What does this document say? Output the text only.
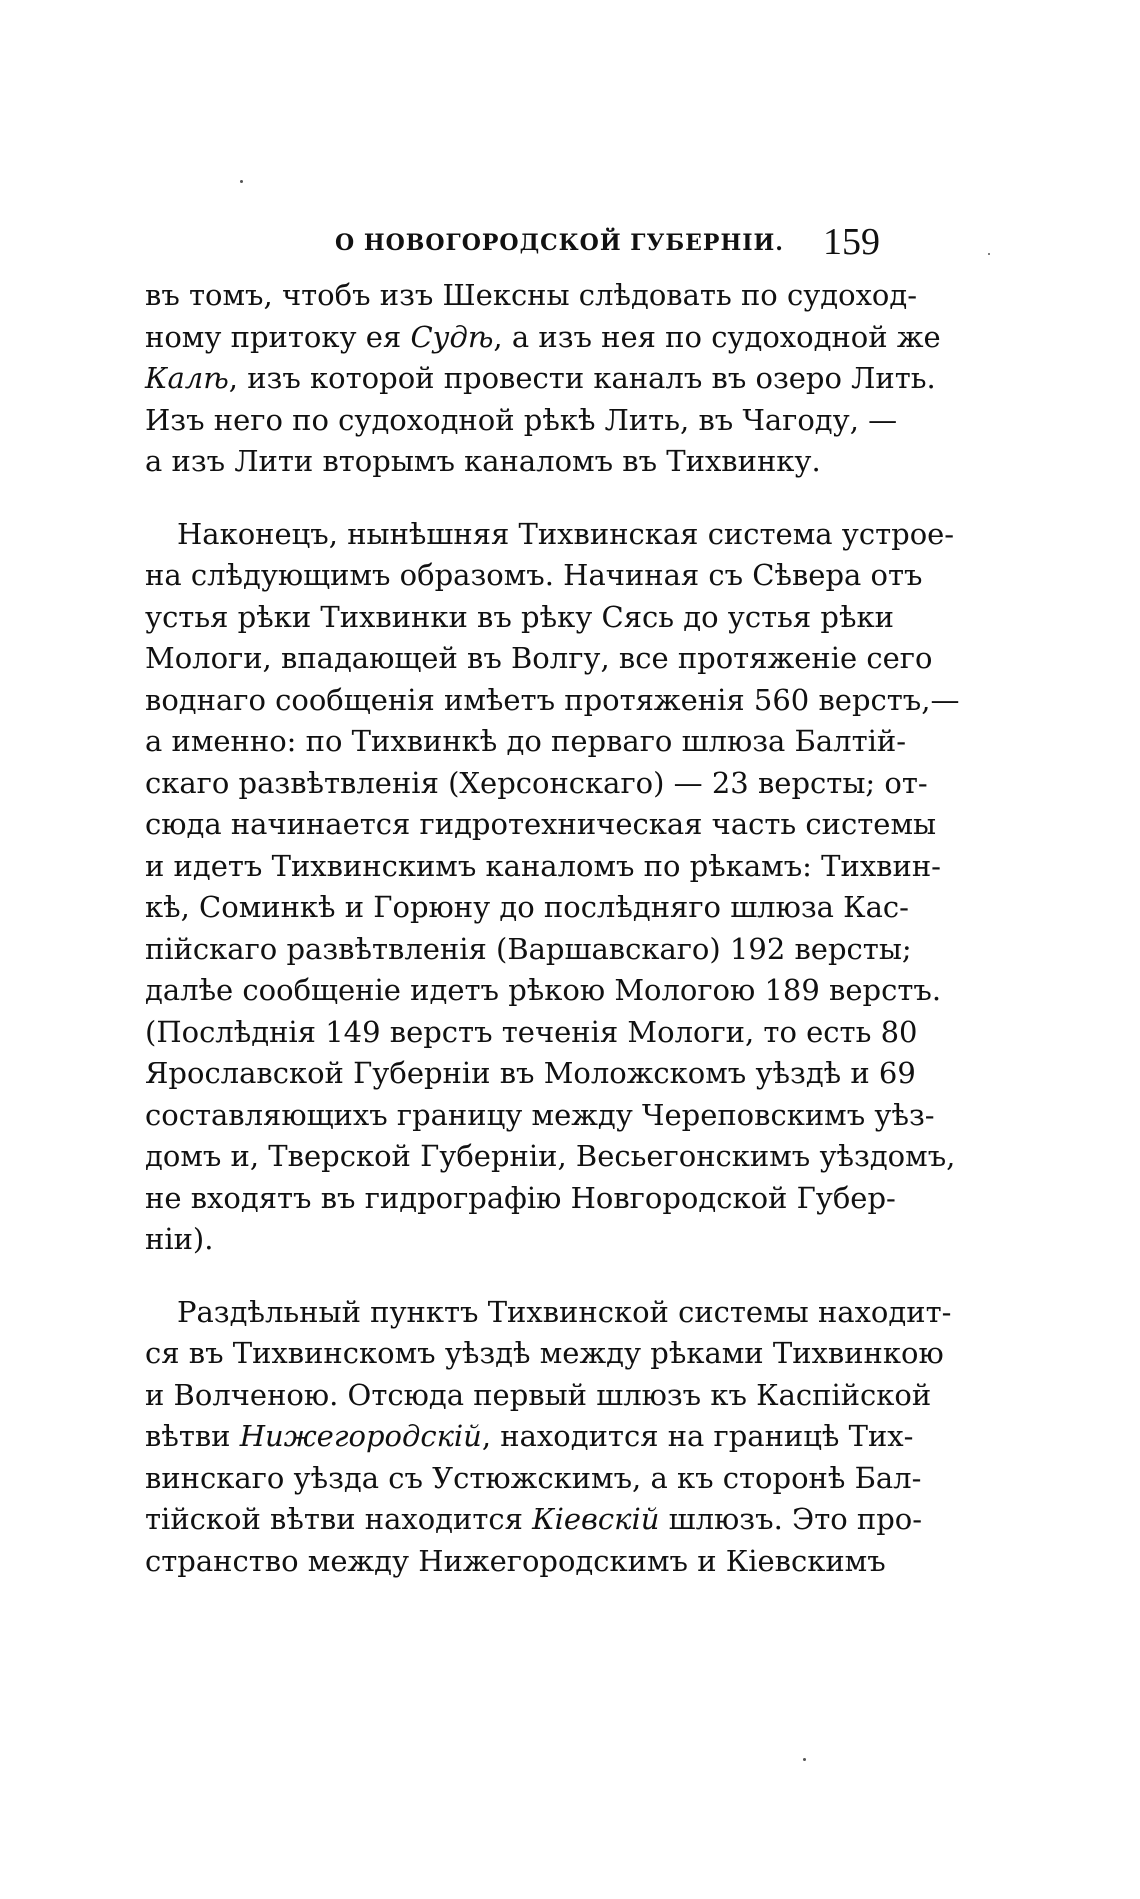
О НОВОГОРОДСКОЙ ГУБЕРНІИ. 159
въ томъ, чтобъ изъ Шексны слѣдовать по судоход-
ному притоку ея Судѣ, а изъ нея по судоходной же
Калѣ, изъ которой провести каналъ въ озеро Лить.
Изъ него по судоходной рѣкѣ Лить, въ Чагоду, —
а изъ Лити вторымъ каналомъ въ Тихвинку.
Наконецъ, нынѣшняя Тихвинская система устрое-
на слѣдующимъ образомъ. Начиная съ Сѣвера отъ
устья рѣки Тихвинки въ рѣку Сясь до устья рѣки
Мологи, впадающей въ Волгу, все протяженіе сего
воднаго сообщенія имѣетъ протяженія 560 верстъ,—
а именно: по Тихвинкѣ до перваго шлюза Балтій-
скаго развѣтвленія (Херсонскаго) — 23 версты; от-
сюда начинается гидротехническая часть системы
и идетъ Тихвинскимъ каналомъ по рѣкамъ: Тихвин-
кѣ, Соминкѣ и Горюну до послѣдняго шлюза Кас-
пійскаго развѣтвленія (Варшавскаго) 192 версты;
далѣе сообщеніе идетъ рѣкою Мологою 189 верстъ.
(Послѣднія 149 верстъ теченія Мологи, то есть 80
Ярославской Губерніи въ Моложскомъ уѣздѣ и 69
составляющихъ границу между Череповскимъ уѣз-
домъ и, Тверской Губерніи, Весьегонскимъ уѣздомъ,
не входятъ въ гидрографію Новгородской Губер-
ніи).
Раздѣльный пунктъ Тихвинской системы находит-
ся въ Тихвинскомъ уѣздѣ между рѣками Тихвинкою
и Волченою. Отсюда первый шлюзъ къ Каспійской
вѣтви Нижегородскій, находится на границѣ Тих-
винскаго уѣзда съ Устюжскимъ, а къ сторонѣ Бал-
тійской вѣтви находится Кіевскій шлюзъ. Это про-
странство между Нижегородскимъ и Кіевскимъ
